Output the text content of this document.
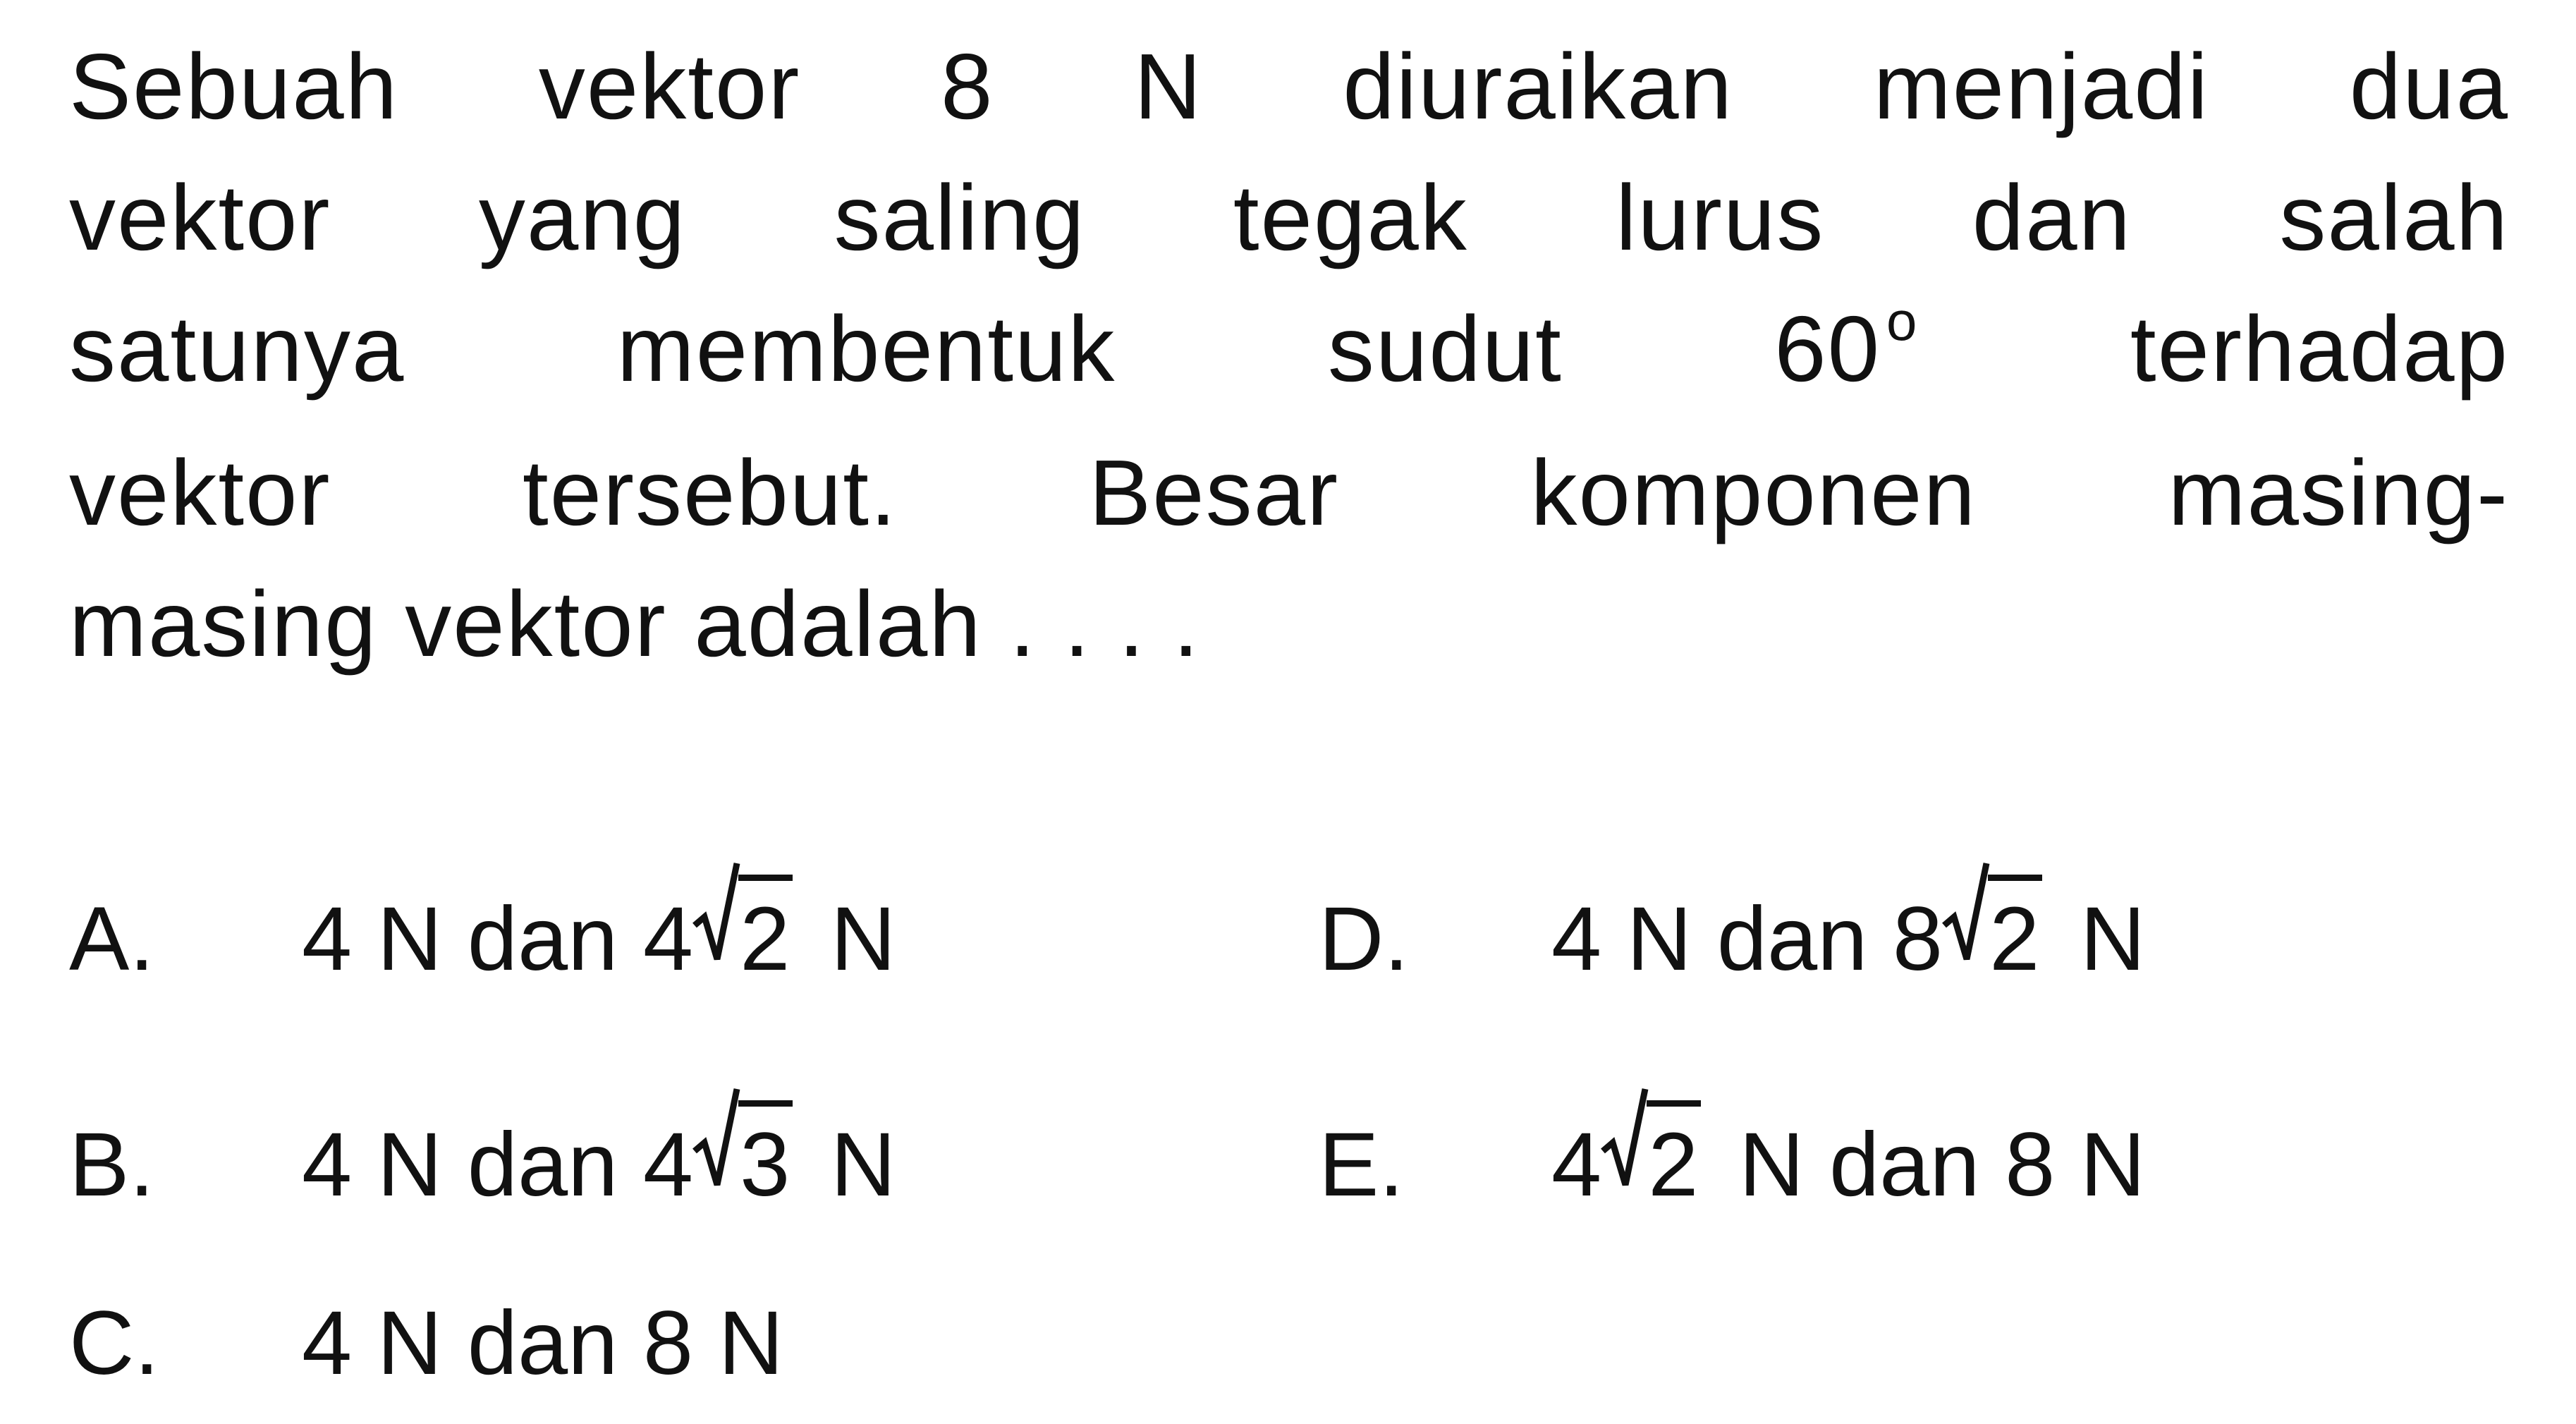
Sebuah vektor 8 N diuraikan menjadi dua
vektor yang saling tegak lurus dan salah
satunya membentuk sudut 60 $^o$ terhadap
vektor tersebut. Besar komponen masing-
masing vektor adalah . . . .
A.	4 N dan 4 2 N	D.	4 N dan 8 2 N
B.	4 N dan 4 3 N	E.	4 2 N dan 8 N
C.	4 N dan 8 N
